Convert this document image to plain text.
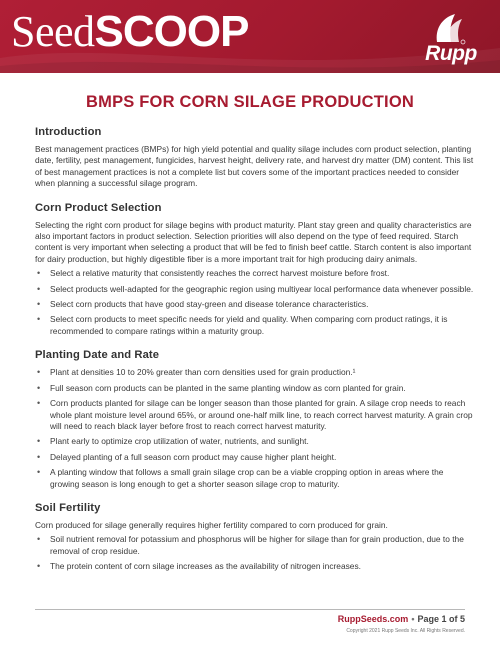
SeedSCOOP	Rupp
BMPS FOR CORN SILAGE PRODUCTION
Introduction

Best management practices (BMPs) for high yield potential and quality silage includes corn product selection, planting date, fertility, pest management, fungicides, harvest height, delivery rate, and harvest dry matter (DM) content. This list of best management practices is not a complete list but covers some of the important practices needed to consider when planning a successful silage program.

Corn Product Selection

Selecting the right corn product for silage begins with product maturity. Plant stay green and quality characteristics are also important factors in product selection. Selection priorities will also depend on the type of feed required. Starch content is very important when selecting a product that will be fed to finish beef cattle. Starch content is also important for dairy production, but highly digestible fiber is a more important trait for high producing dairy animals.

• Select a relative maturity that consistently reaches the correct harvest moisture before frost.
• Select products well-adapted for the geographic region using multiyear local performance data whenever possible.
• Select corn products that have good stay-green and disease tolerance characteristics.
• Select corn products to meet specific needs for yield and quality. When comparing corn product ratings, it is recommended to compare ratings within a maturity group.
Planting Date and Rate
• Plant at densities 10 to 20% greater than corn densities used for grain production.¹
• Full season corn products can be planted in the same planting window as corn planted for grain.
• Corn products planted for silage can be longer season than those planted for grain. A silage crop needs to reach whole plant moisture level around 65%, or around one-half milk line, to reach correct harvest maturity. A grain crop will need to reach black layer before frost to reach correct harvest maturity.
• Plant early to optimize crop utilization of water, nutrients, and sunlight.
• Delayed planting of a full season corn product may cause higher plant height.
• A planting window that follows a small grain silage crop can be a viable cropping option in areas where the growing season is long enough to get a shorter season silage crop to maturity.
Soil Fertility

Corn produced for silage generally requires higher fertility compared to corn produced for grain.

• Soil nutrient removal for potassium and phosphorus will be higher for silage than for grain production, due to the removal of crop residue.
• The protein content of corn silage increases as the availability of nitrogen increases.
RuppSeeds.com • Page 1 of 5
Copyright 2021 Rupp Seeds Inc. All Rights Reserved.
